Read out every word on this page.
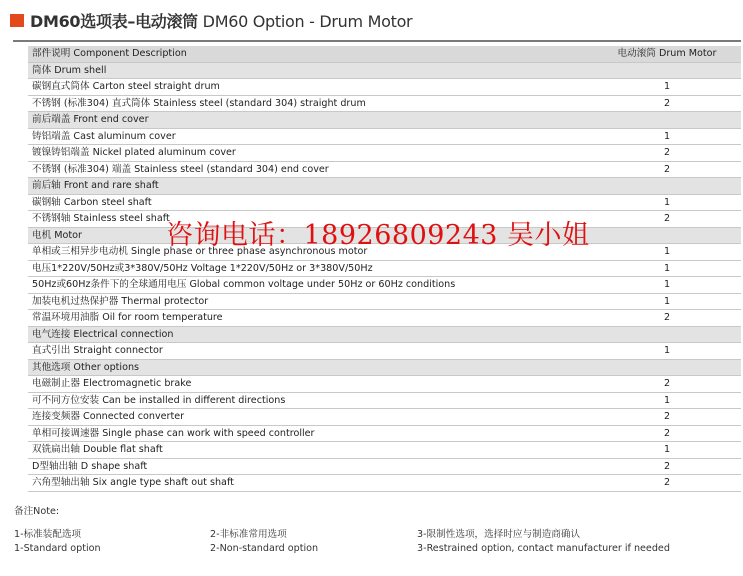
DM60选项表–电动滚筒 DM60 Option - Drum Motor
部件说明 Component Description	电动滚筒 Drum Motor
筒体 Drum shell	
碳钢直式筒体 Carton steel straight drum	1
不锈钢 (标准304) 直式筒体 Stainless steel (standard 304) straight drum	2
前后端盖 Front end cover	
铸铝端盖 Cast aluminum cover	1
镀镍铸铝端盖 Nickel plated aluminum cover	2
不锈钢 (标准304) 端盖 Stainless steel (standard 304) end cover	2
前后轴 Front and rare shaft	
碳钢轴 Carbon steel shaft	1
不锈钢轴 Stainless steel shaft	2
电机 Motor	
单相或三相异步电动机 Single phase or three phase asynchronous motor	1
电压1*220V/50Hz或3*380V/50Hz Voltage 1*220V/50Hz or 3*380V/50Hz	1
50Hz或60Hz条件下的全球通用电压 Global common voltage under 50Hz or 60Hz conditions	1
加装电机过热保护器 Thermal protector	1
常温环境用油脂 Oil for room temperature	2
电气连接 Electrical connection	
直式引出 Straight connector	1
其他选项 Other options	
电磁制止器 Electromagnetic brake	2
可不同方位安装 Can be installed in different directions	1
连接变频器 Connected converter	2
单相可接调速器 Single phase can work with speed controller	2
双铣扁出轴 Double flat shaft	1
D型轴出轴 D shape shaft	2
六角型轴出轴 Six angle type shaft out shaft	2
咨询电话：18926809243 吴小姐
备注Note:
1-标准装配选项	2-非标准常用选项	3-限制性选项，选择时应与制造商确认
1-Standard option	2-Non-standard option	3-Restrained option, contact manufacturer if needed
